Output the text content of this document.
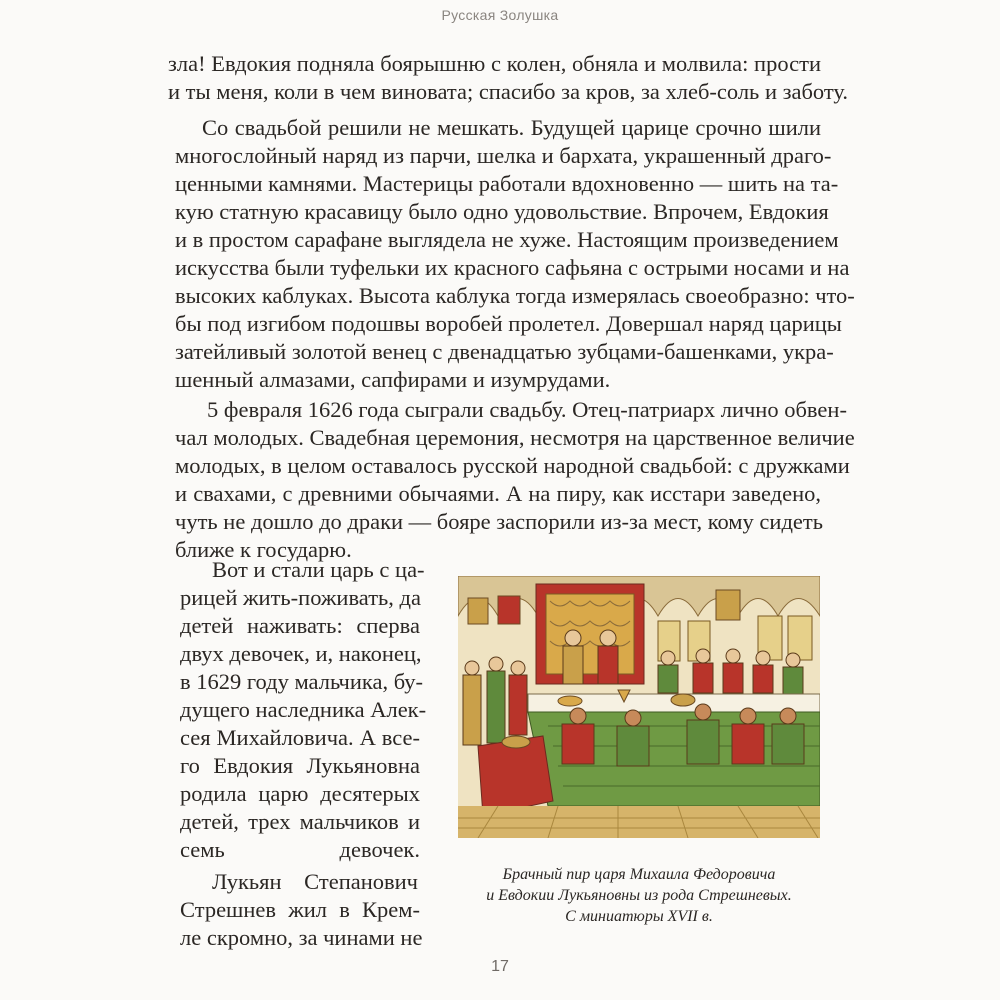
Русская Золушка
зла! Евдокия подняла боярышню с колен, обняла и молвила: прости
и ты меня, коли в чем виновата; спасибо за кров, за хлеб-соль и заботу.
Со свадьбой решили не мешкать. Будущей царице срочно шили
многослойный наряд из парчи, шелка и бархата, украшенный драго-
ценными камнями. Мастерицы работали вдохновенно — шить на та-
кую статную красавицу было одно удовольствие. Впрочем, Евдокия
и в простом сарафане выглядела не хуже. Настоящим произведением
искусства были туфельки их красного сафьяна с острыми носами и на
высоких каблуках. Высота каблука тогда измерялась своеобразно: что-
бы под изгибом подошвы воробей пролетел. Довершал наряд царицы
затейливый золотой венец с двенадцатью зубцами-башенками, укра-
шенный алмазами, сапфирами и изумрудами.
5 февраля 1626 года сыграли свадьбу. Отец-патриарх лично обвен-
чал молодых. Свадебная церемония, несмотря на царственное величие
молодых, в целом оставалось русской народной свадьбой: с дружками
и свахами, с древними обычаями. А на пиру, как исстари заведено,
чуть не дошло до драки — бояре заспорили из-за мест, кому сидеть
ближе к государю.
Вот и стали царь с ца-
рицей жить-поживать, да
детей наживать: сперва
двух девочек, и, наконец,
в 1629 году мальчика, бу-
дущего наследника Алек-
сея Михайловича. А все-
го Евдокия Лукьяновна
родила царю десятерых
детей, трех мальчиков и
семь девочек.
Лукьян Степанович
Стрешнев жил в Крем-
ле скромно, за чинами не
Брачный пир царя Михаила Федоровича
и Евдокии Лукьяновны из рода Стрешневых.
С миниатюры XVII в.
17
